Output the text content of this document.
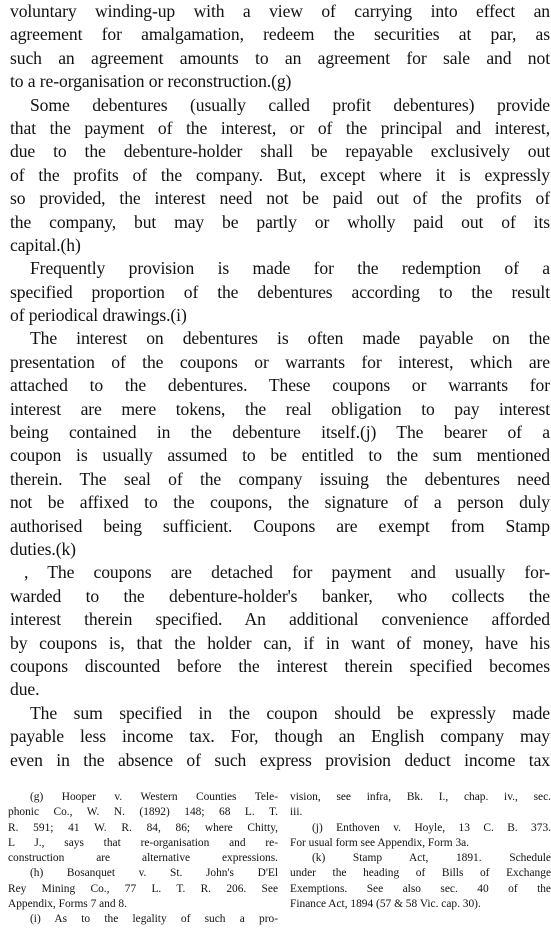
voluntary winding-up with a view of carrying into effect an
agreement for amalgamation, redeem the securities at par, as
such an agreement amounts to an agreement for sale and not
to a re-organisation or reconstruction.(g)
Some debentures (usually called profit debentures) provide
that the payment of the interest, or of the principal and interest,
due to the debenture-holder shall be repayable exclusively out
of the profits of the company. But, except where it is expressly
so provided, the interest need not be paid out of the profits of
the company, but may be partly or wholly paid out of its
capital.(h)
Frequently provision is made for the redemption of a
specified proportion of the debentures according to the result
of periodical drawings.(i)
The interest on debentures is often made payable on the
presentation of the coupons or warrants for interest, which are
attached to the debentures. These coupons or warrants for
interest are mere tokens, the real obligation to pay interest
being contained in the debenture itself.(j) The bearer of a
coupon is usually assumed to be entitled to the sum mentioned
therein. The seal of the company issuing the debentures need
not be affixed to the coupons, the signature of a person duly
authorised being sufficient. Coupons are exempt from Stamp
duties.(k)
, The coupons are detached for payment and usually for-
warded to the debenture-holder's banker, who collects the
interest therein specified. An additional convenience afforded
by coupons is, that the holder can, if in want of money, have his
coupons discounted before the interest therein specified becomes
due.
The sum specified in the coupon should be expressly made
payable less income tax. For, though an English company may
even in the absence of such express provision deduct income tax
(g) Hooper v. Western Counties Tele-
phonic Co., W. N. (1892) 148; 68 L. T.
R. 591; 41 W. R. 84, 86; where Chitty,
L J., says that re-organisation and re-
construction are alternative expressions.
(h) Bosanquet v. St. John's D'El
Rey Mining Co., 77 L. T. R. 206. See
Appendix, Forms 7 and 8.
(i) As to the legality of such a pro-
vision, see infra, Bk. I., chap. iv., sec.
iii.
(j) Enthoven v. Hoyle, 13 C. B. 373.
For usual form see Appendix, Form 3a.
(k) Stamp Act, 1891. Schedule
under the heading of Bills of Exchange
Exemptions. See also sec. 40 of the
Finance Act, 1894 (57 & 58 Vic. cap. 30).
